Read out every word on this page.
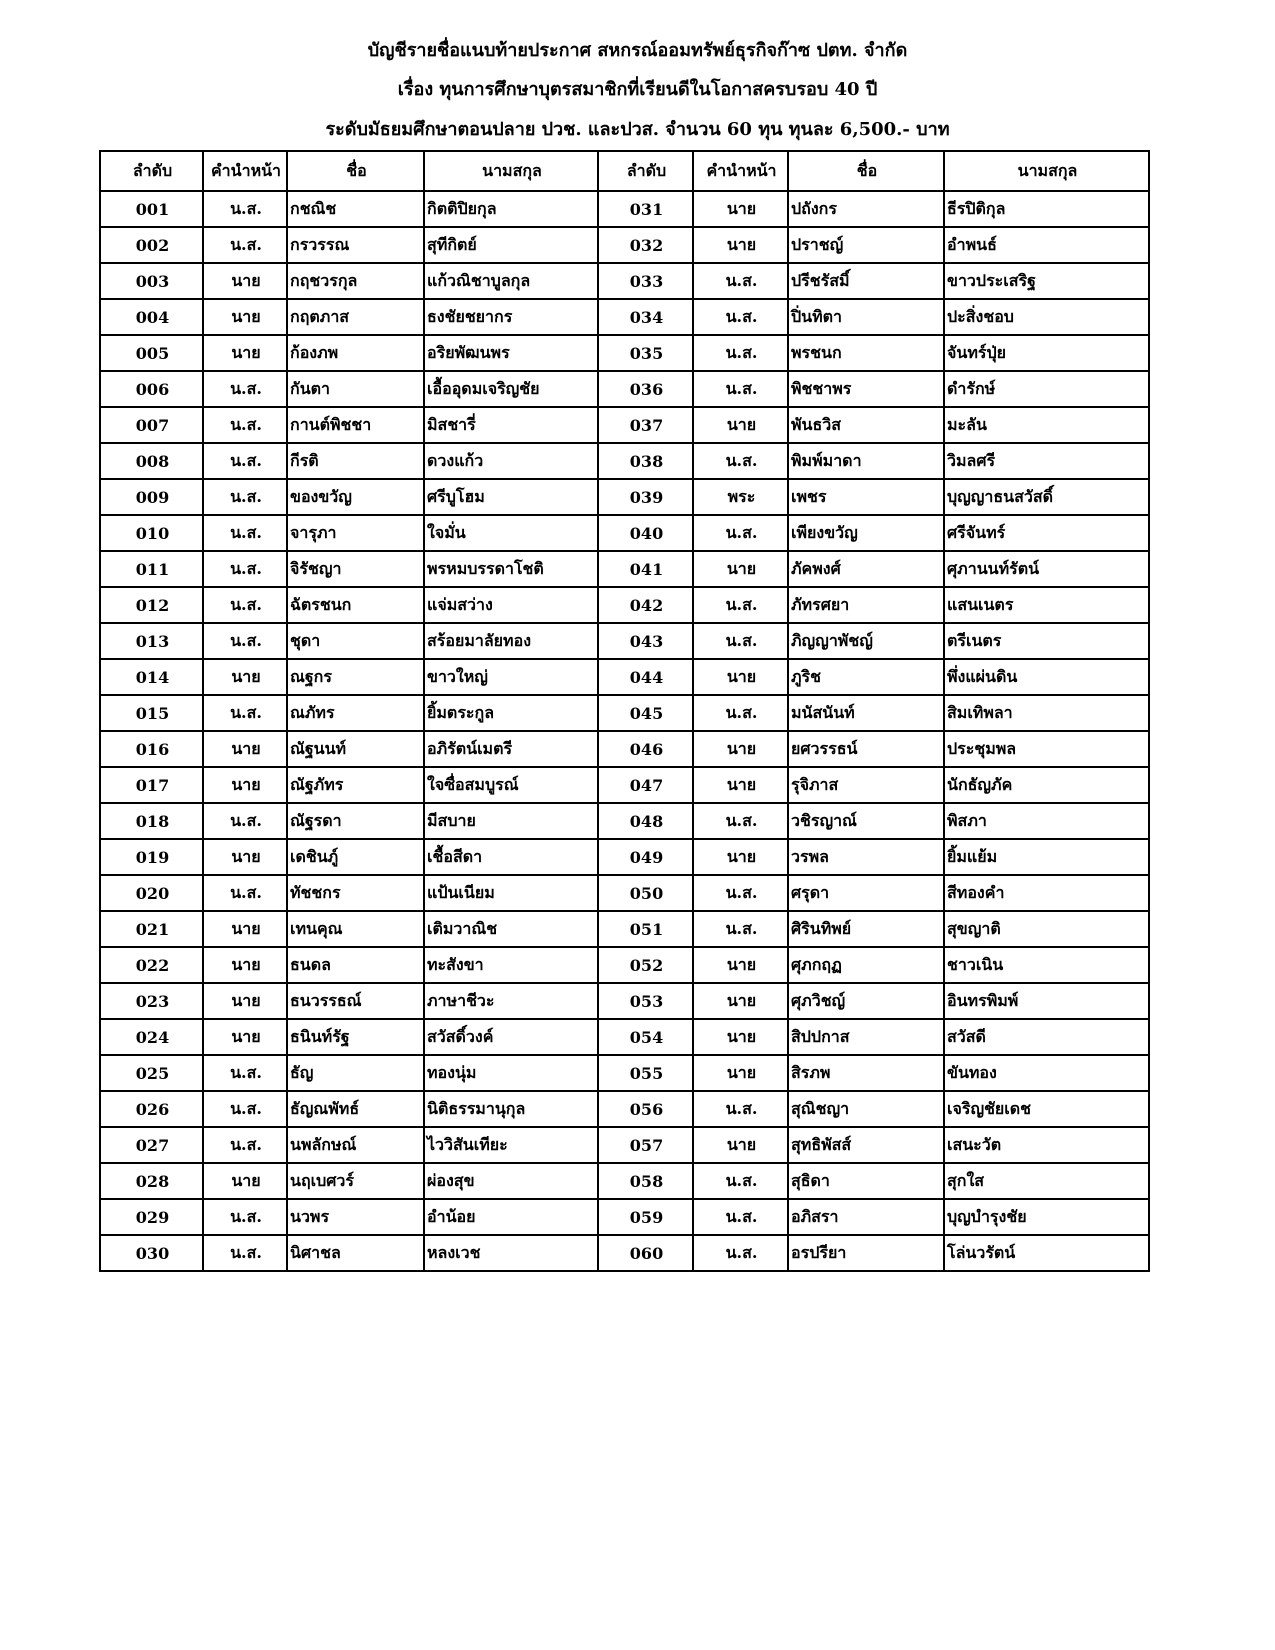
บัญชีรายชื่อแนบท้ายประกาศ สหกรณ์ออมทรัพย์ธุรกิจก๊าซ ปตท. จำกัด
เรื่อง ทุนการศึกษาบุตรสมาชิกที่เรียนดีในโอกาสครบรอบ 40 ปี
ระดับมัธยมศึกษาตอนปลาย ปวช. และปวส. จำนวน 60 ทุน ทุนละ 6,500.- บาท
ลำดับ	คำนำหน้า	ชื่อ	นามสกุล	ลำดับ	คำนำหน้า	ชื่อ	นามสกุล
001	น.ส.	กชณิช	กิตติปิยกุล	031	นาย	ปถังกร	ธีรปิติกุล
002	น.ส.	กรวรรณ	สุทีกิตย์	032	นาย	ปราชญ์	อำพนธ์
003	นาย	กฤชวรกุล	แก้วณิชาบูลกุล	033	น.ส.	ปรีชรัสมิ์	ขาวประเสริฐ
004	นาย	กฤตภาส	ธงชัยชยากร	034	น.ส.	ปิ่นทิตา	ปะสิ่งชอบ
005	นาย	ก้องภพ	อริยพัฒนพร	035	น.ส.	พรชนก	จันทร์ปุ่ย
006	น.ส.	กันตา	เอื้ออุดมเจริญชัย	036	น.ส.	พิชชาพร	ดำรักษ์
007	น.ส.	กานต์พิชชา	มิสชารี่	037	นาย	พันธวิส	มะลัน
008	น.ส.	กีรติ	ดวงแก้ว	038	น.ส.	พิมพ์มาดา	วิมลศรี
009	น.ส.	ของขวัญ	ศรีบูโฮม	039	พระ	เพชร	บุญญาธนสวัสดิ์
010	น.ส.	จารุภา	ใจมั่น	040	น.ส.	เพียงขวัญ	ศรีจันทร์
011	น.ส.	จิรัชญา	พรหมบรรดาโชติ	041	นาย	ภัคพงศ์	ศุภานนท์รัตน์
012	น.ส.	ฉัตรชนก	แจ่มสว่าง	042	น.ส.	ภัทรศยา	แสนเนตร
013	น.ส.	ชุดา	สร้อยมาลัยทอง	043	น.ส.	ภิญญาพัชญ์	ตรีเนตร
014	นาย	ณฐกร	ขาวใหญ่	044	นาย	ภูริช	พึ่งแผ่นดิน
015	น.ส.	ณภัทร	ยิ้มตระกูล	045	น.ส.	มนัสนันท์	สิมเทิพลา
016	นาย	ณัฐนนท์	อภิรัตน์เมตรี	046	นาย	ยศวรรธน์	ประชุมพล
017	นาย	ณัฐภัทร	ใจซื่อสมบูรณ์	047	นาย	รุจิภาส	นักธัญภัค
018	น.ส.	ณัฐรดา	มีสบาย	048	น.ส.	วชิรญาณ์	พิสภา
019	นาย	เดชินภู์	เชื้อสีดา	049	นาย	วรพล	ยิ้มแย้ม
020	น.ส.	ทัชชกร	แป้นเนียม	050	น.ส.	ศรุดา	สีทองคำ
021	นาย	เทนคุณ	เติมวาณิช	051	น.ส.	ศิรินทิพย์	สุขญาติ
022	นาย	ธนดล	ทะสังขา	052	นาย	ศุภกฤฏ	ชาวเนิน
023	นาย	ธนวรรธณ์	ภาษาชีวะ	053	นาย	ศุภวิชญ์	อินทรพิมพ์
024	นาย	ธนินท์รัฐ	สวัสดิ์วงค์	054	นาย	สิปปกาส	สวัสดี
025	น.ส.	ธัญ	ทองนุ่ม	055	นาย	สิรภพ	ขันทอง
026	น.ส.	ธัญณพัทธ์	นิติธรรมานุกุล	056	น.ส.	สุณิชญา	เจริญชัยเดช
027	น.ส.	นพลักษณ์	ไววิสันเทียะ	057	นาย	สุทธิพัสส์	เสนะวัต
028	นาย	นฤเบศวร์	ผ่องสุข	058	น.ส.	สุธิดา	สุกใส
029	น.ส.	นวพร	อำน้อย	059	น.ส.	อภิสรา	บุญบำรุงชัย
030	น.ส.	นิศาชล	หลงเวช	060	น.ส.	อรปรียา	โล่นวรัตน์
